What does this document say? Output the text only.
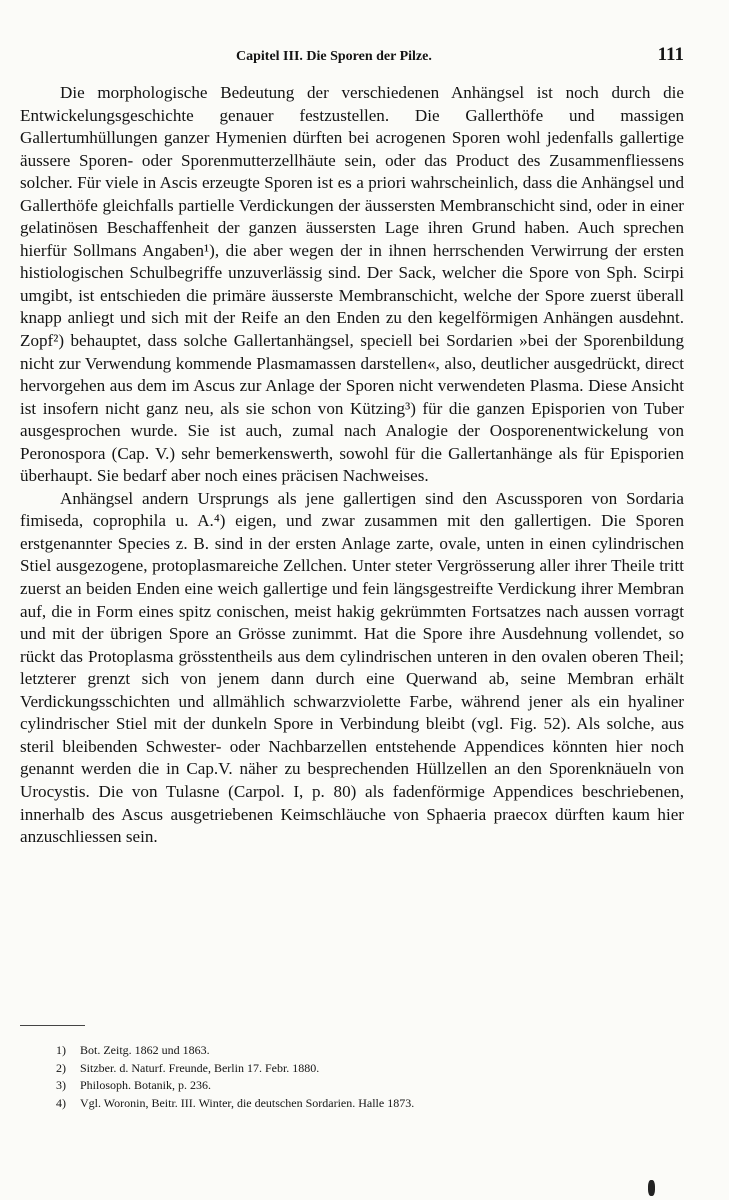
Capitel III. Die Sporen der Pilze.	111

Die morphologische Bedeutung der verschiedenen Anhängsel ist noch durch die Entwickelungsgeschichte genauer festzustellen. Die Gallerthöfe und massigen Gallertumhüllungen ganzer Hymenien dürften bei acrogenen Sporen wohl jedenfalls gallertige äussere Sporen- oder Sporenmutterzellhäute sein, oder das Product des Zusammenfliessens solcher. Für viele in Ascis erzeugte Sporen ist es a priori wahrscheinlich, dass die Anhängsel und Gallerthöfe gleichfalls partielle Verdickungen der äussersten Membranschicht sind, oder in einer gelatinösen Beschaffenheit der ganzen äussersten Lage ihren Grund haben. Auch sprechen hierfür Sollmans Angaben¹), die aber wegen der in ihnen herrschenden Verwirrung der ersten histiologischen Schulbegriffe unzuverlässig sind. Der Sack, welcher die Spore von Sph. Scirpi umgibt, ist entschieden die primäre äusserste Membranschicht, welche der Spore zuerst überall knapp anliegt und sich mit der Reife an den Enden zu den kegelförmigen Anhängen ausdehnt. Zopf²) behauptet, dass solche Gallertanhängsel, speciell bei Sordarien »bei der Sporenbildung nicht zur Verwendung kommende Plasmamassen darstellen«, also, deutlicher ausgedrückt, direct hervorgehen aus dem im Ascus zur Anlage der Sporen nicht verwendeten Plasma. Diese Ansicht ist insofern nicht ganz neu, als sie schon von Kützing³) für die ganzen Episporien von Tuber ausgesprochen wurde. Sie ist auch, zumal nach Analogie der Oosporenentwickelung von Peronospora (Cap. V.) sehr bemerkenswerth, sowohl für die Gallertanhänge als für Episporien überhaupt. Sie bedarf aber noch eines präcisen Nachweises.

Anhängsel andern Ursprungs als jene gallertigen sind den Ascussporen von Sordaria fimiseda, coprophila u. A.⁴) eigen, und zwar zusammen mit den gallertigen. Die Sporen erstgenannter Species z. B. sind in der ersten Anlage zarte, ovale, unten in einen cylindrischen Stiel ausgezogene, protoplasmareiche Zellchen. Unter steter Vergrösserung aller ihrer Theile tritt zuerst an beiden Enden eine weich gallertige und fein längsgestreifte Verdickung ihrer Membran auf, die in Form eines spitz conischen, meist hakig gekrümmten Fortsatzes nach aussen vorragt und mit der übrigen Spore an Grösse zunimmt. Hat die Spore ihre Ausdehnung vollendet, so rückt das Protoplasma grösstentheils aus dem cylindrischen unteren in den ovalen oberen Theil; letzterer grenzt sich von jenem dann durch eine Querwand ab, seine Membran erhält Verdickungsschichten und allmählich schwarzviolette Farbe, während jener als ein hyaliner cylindrischer Stiel mit der dunkeln Spore in Verbindung bleibt (vgl. Fig. 52). Als solche, aus steril bleibenden Schwester- oder Nachbarzellen entstehende Appendices könnten hier noch genannt werden die in Cap.V. näher zu besprechenden Hüllzellen an den Sporenknäueln von Urocystis. Die von Tulasne (Carpol. I, p. 80) als fadenförmige Appendices beschriebenen, innerhalb des Ascus ausgetriebenen Keimschläuche von Sphaeria praecox dürften kaum hier anzuschliessen sein.

1)	Bot. Zeitg. 1862 und 1863.
2)	Sitzber. d. Naturf. Freunde, Berlin 17. Febr. 1880.
3)	Philosoph. Botanik, p. 236.
4)	Vgl. Woronin, Beitr. III. Winter, die deutschen Sordarien. Halle 1873.
